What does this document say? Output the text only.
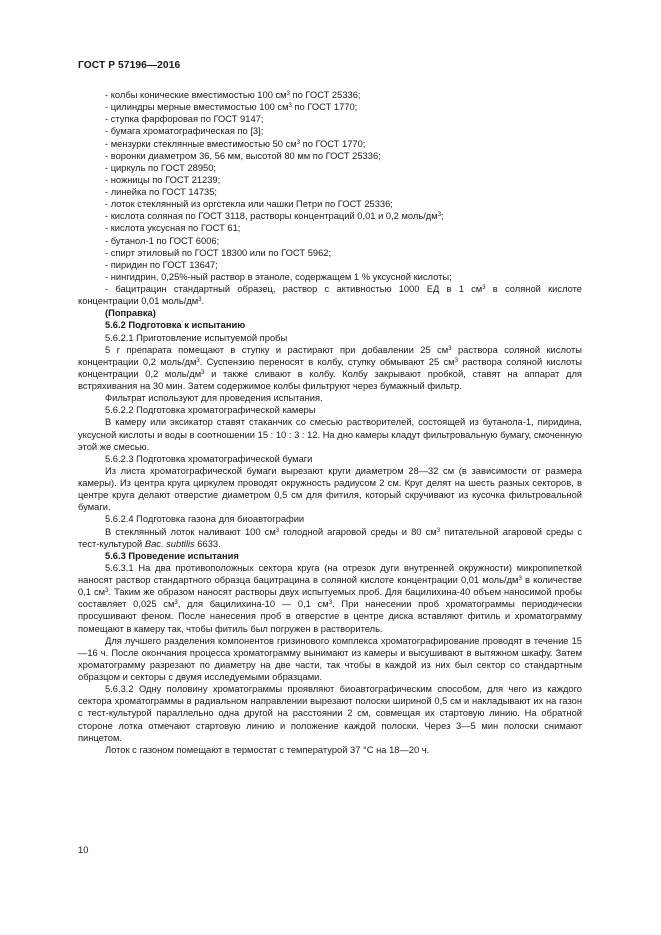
ГОСТ Р 57196—2016

- колбы конические вместимостью 100 $см^3$ по ГОСТ 25336;

- цилиндры мерные вместимостью 100 $см^3$ по ГОСТ 1770;

- ступка фарфоровая по ГОСТ 9147;

- бумага хроматографическая по [3];

- мензурки стеклянные вместимостью 50 $см^3$ по ГОСТ 1770;

- воронки диаметром 36, 56 мм, высотой 80 мм по ГОСТ 25336;

- циркуль по ГОСТ 28950;

- ножницы по ГОСТ 21239;

- линейка по ГОСТ 14735;

- лоток стеклянный из оргстекла или чашки Петри по ГОСТ 25336;

- кислота соляная по ГОСТ 3118, растворы концентраций 0,01 и 0,2 моль/$дм^3$;

- кислота уксусная по ГОСТ 61;

- бутанол-1 по ГОСТ 6006;

- спирт этиловый по ГОСТ 18300 или по ГОСТ 5962;

- пиридин по ГОСТ 13647;

- нингидрин, 0,25%-ный раствор в этаноле, содержащем 1 % уксусной кислоты;

- бацитрацин стандартный образец, раствор с активностью 1000 ЕД в 1 $см^3$ в соляной кислоте

концентрации 0,01 моль/$дм^3$.

(Поправка)

5.6.2 Подготовка к испытанию

5.6.2.1 Приготовление испытуемой пробы

5 г препарата помещают в ступку и растирают при добавлении 25 $см^3$ раствора соляной кислоты концентрации 0,2 моль/$дм^3$. Суспензию переносят в колбу, ступку обмывают 25 $см^3$ раствора соляной кислоты концентрации 0,2 моль/$дм^3$ и также сливают в колбу. Колбу закрывают пробкой, ставят на аппарат для встряхивания на 30 мин. Затем содержимое колбы фильтруют через бумажный фильтр.

Фильтрат используют для проведения испытания.

5.6.2.2 Подготовка хроматографической камеры

В камеру или эксикатор ставят стаканчик со смесью растворителей, состоящей из бутанола-1, пиридина, уксусной кислоты и воды в соотношении 15 : 10 : 3 : 12. На дно камеры кладут фильтровальную бумагу, смоченную этой же смесью.

5.6.2.3 Подготовка хроматографической бумаги

Из листа хроматографической бумаги вырезают круги диаметром 28—32 см (в зависимости от размера камеры). Из центра круга циркулем проводят окружность радиусом 2 см. Круг делят на шесть разных секторов, в центре круга делают отверстие диаметром 0,5 см для фитиля, который скручивают из кусочка фильтровальной бумаги.

5.6.2.4 Подготовка газона для биоавтографии

В стеклянный лоток наливают 100 $см^3$ голодной агаровой среды и 80 $см^3$ питательной агаровой среды с тест-культурой Bac. subtilis 6633.

5.6.3 Проведение испытания

5.6.3.1 На два противоположных сектора круга (на отрезок дуги внутренней окружности) микропипеткой наносят раствор стандартного образца бацитрацина в соляной кислоте концентрации 0,01 моль/$дм^3$ в количестве 0,1 $см^3$. Таким же образом наносят растворы двух испытуемых проб. Для бацилихина-40 объем наносимой пробы составляет 0,025 $см^3$, для бацилихина-10 — 0,1 $см^3$. При нанесении проб хроматограммы периодически просушивают феном. После нанесения проб в отверстие в центре диска вставляют фитиль и хроматограмму помещают в камеру так, чтобы фитиль был погружен в растворитель.

Для лучшего разделения компонентов гризинового комплекса хроматографирование проводят в течение 15—16 ч. После окончания процесса хроматограмму вынимают из камеры и высушивают в вытяжном шкафу. Затем хроматограмму разрезают по диаметру на две части, так чтобы в каждой из них был сектор со стандартным образцом и секторы с двумя исследуемыми образцами.

5.6.3.2 Одну половину хроматограммы проявляют биоавтографическим способом, для чего из каждого сектора хроматограммы в радиальном направлении вырезают полоски шириной 0,5 см и накладывают их на газон с тест-культурой параллельно одна другой на расстоянии 2 см, совмещая их стартовую линию. На обратной стороне лотка отмечают стартовую линию и положение каждой полоски. Через 3—5 мин полоски снимают пинцетом.

Лоток с газоном помещают в термостат с температурой 37 °С на 18—20 ч.

10
